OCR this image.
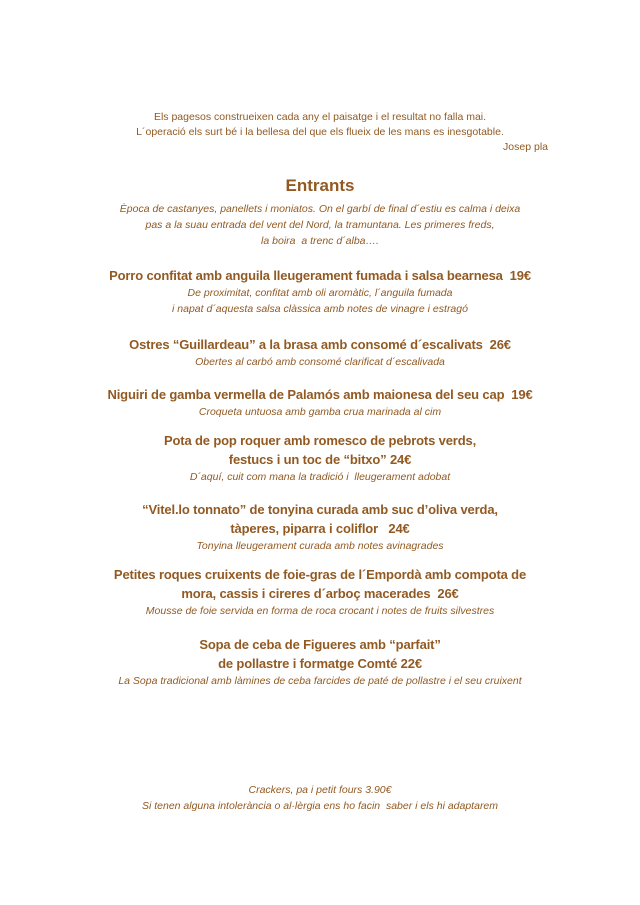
Els pagesos construeixen cada any el paisatge i el resultat no falla mai.
L´operació els surt bé i la bellesa del que els flueix de les mans es inesgotable.
Josep pla
Entrants
Època de castanyes, panellets i moniatos. On el garbí de final d´estiu es calma i deixa
pas a la suau entrada del vent del Nord, la tramuntana. Les primeres freds,
la boira  a trenc d´alba….
Porro confitat amb anguila lleugerament fumada i salsa bearnesa  19€
De proximitat, confitat amb oli aromàtic, l´anguila fumada
i napat d´aquesta salsa clàssica amb notes de vinagre i estragó
Ostres “Guillardeau” a la brasa amb consomé d´escalivats  26€
Obertes al carbó amb consomé clarificat d´escalivada
Niguiri de gamba vermella de Palamós amb maionesa del seu cap  19€
Croqueta untuosa amb gamba crua marinada al cim
Pota de pop roquer amb romesco de pebrots verds,
festucs i un toc de “bitxo” 24€
D´aquí, cuit com mana la tradició i  lleugerament adobat
“Vitel.lo tonnato” de tonyina curada amb suc d’oliva verda,
tàperes, piparra i coliflor   24€
Tonyina lleugerament curada amb notes avinagrades
Petites roques cruixents de foie-gras de l´Empordà amb compota de
mora, cassis i cireres d´arboç macerades  26€
Mousse de foie servida en forma de roca crocant i notes de fruits silvestres
Sopa de ceba de Figueres amb “parfait”
de pollastre i formatge Comté 22€
La Sopa tradicional amb làmines de ceba farcides de paté de pollastre i el seu cruixent
Crackers, pa i petit fours 3.90€
Si tenen alguna intolerància o al·lèrgia ens ho facin  saber i els hi adaptarem
